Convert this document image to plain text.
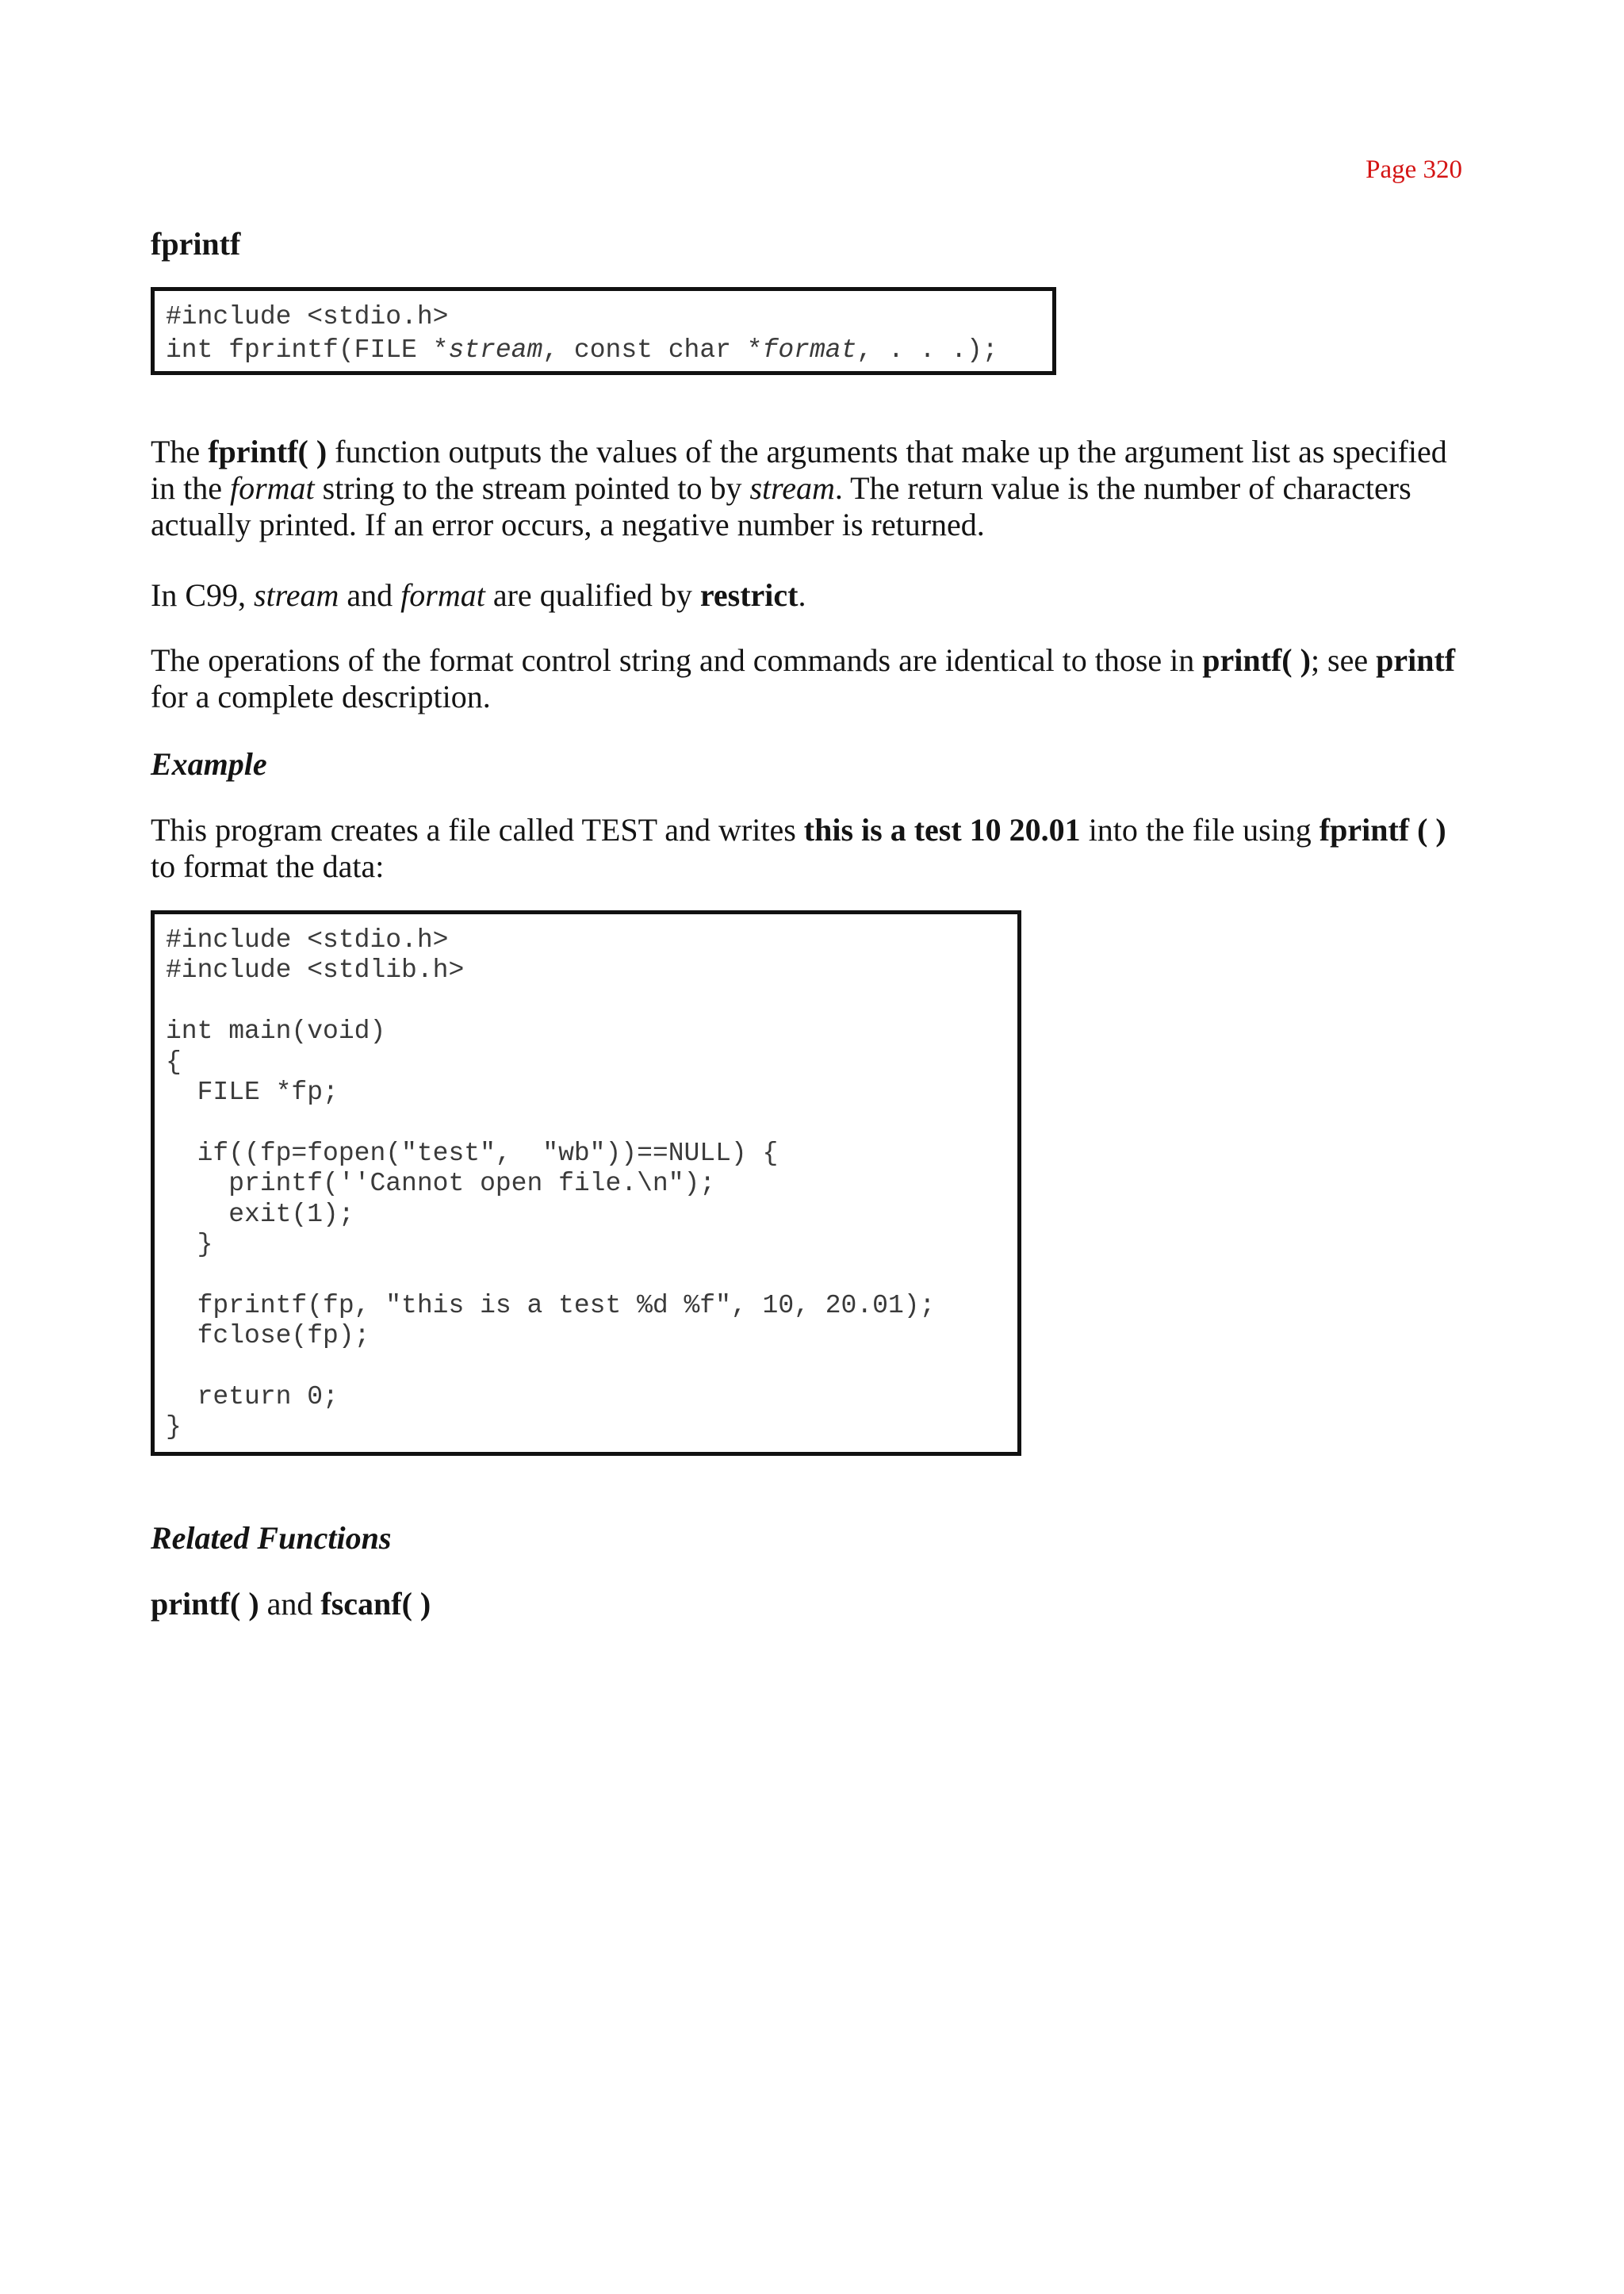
Page 320
fprintf
#include <stdio.h>
int fprintf(FILE *stream, const char *format, . . .);

The fprintf( ) function outputs the values of the arguments that make up the argument list as specified in the format string to the stream pointed to by stream. The return value is the number of characters actually printed. If an error occurs, a negative number is returned.

In C99, stream and format are qualified by restrict.

The operations of the format control string and commands are identical to those in printf( ); see printf for a complete description.

Example

This program creates a file called TEST and writes this is a test 10 20.01 into the file using fprintf ( ) to format the data:

#include <stdio.h>
#include <stdlib.h>
int main(void)
{
FILE *fp;
if((fp=fopen("test",  "wb"))==NULL) {
printf(''Cannot open file.\n");
exit(1);
}
fprintf(fp, "this is a test %d %f", 10, 20.01);
fclose(fp);
return 0;
}
Related Functions

printf( ) and fscanf( )
